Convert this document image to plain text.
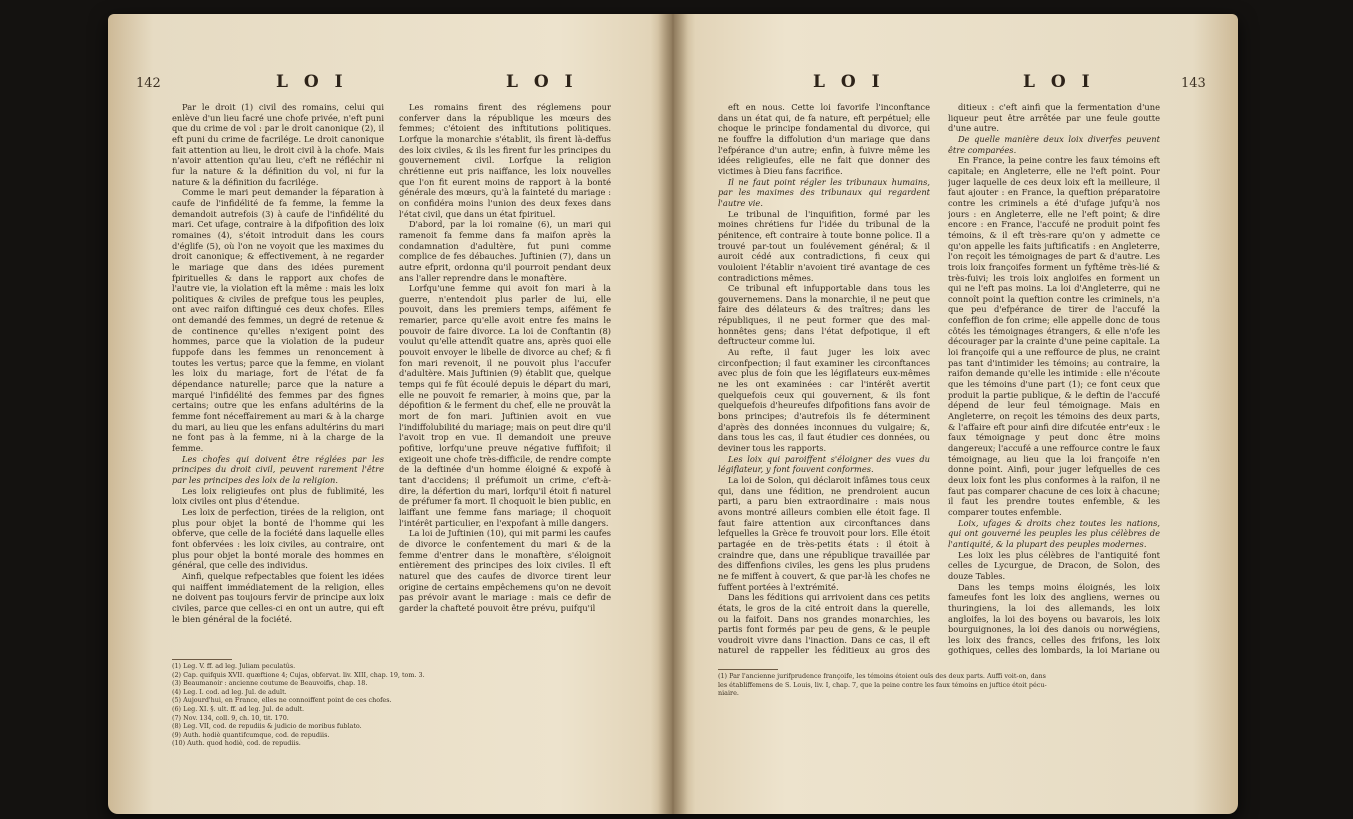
142	L O I	L O I

Par le droit (1) civil des romains, celui qui enlève d'un lieu facré une chofe privée, n'eft puni que du crime de vol : par le droit canonique (2), il eft puni du crime de facrilége. Le droit canonique fait attention au lieu, le droit civil à la chofe. Mais n'avoir attention qu'au lieu, c'eft ne réfléchir ni fur la nature & la définition du vol, ni fur la nature & la définition du facrilége.

Comme le mari peut demander la féparation à caufe de l'infidélité de fa femme, la femme la demandoit autrefois (3) à caufe de l'infidélité du mari. Cet ufage, contraire à la difpofition des loix romaines (4), s'étoit introduit dans les cours d'églife (5), où l'on ne voyoit que les maximes du droit canonique; & effectivement, à ne regarder le mariage que dans des idées purement fpirituelles & dans le rapport aux chofes de l'autre vie, la violation eft la même : mais les loix politiques & civiles de prefque tous les peuples, ont avec raifon diftingué ces deux chofes. Elles ont demandé des femmes, un degré de retenue & de continence qu'elles n'exigent point des hommes, parce que la violation de la pudeur fuppofe dans les femmes un renoncement à toutes les vertus; parce que la femme, en violant les loix du mariage, fort de l'état de fa dépendance naturelle; parce que la nature a marqué l'infidélité des femmes par des fignes certains; outre que les enfans adultérins de la femme font néceffairement au mari & à la charge du mari, au lieu que les enfans adultérins du mari ne font pas à la femme, ni à la charge de la femme.

Les chofes qui doivent être réglées par les principes du droit civil, peuvent rarement l'être par les principes des loix de la religion.

Les loix religieufes ont plus de fublimité, les loix civiles ont plus d'étendue.

Les loix de perfection, tirées de la religion, ont plus pour objet la bonté de l'homme qui les obferve, que celle de la fociété dans laquelle elles font obfervées : les loix civiles, au contraire, ont plus pour objet la bonté morale des hommes en général, que celle des individus.

Ainfi, quelque refpectables que foient les idées qui naiffent immédiatement de la religion, elles ne doivent pas toujours fervir de principe aux loix civiles, parce que celles-ci en ont un autre, qui eft le bien général de la fociété.

Les romains firent des réglemens pour conferver dans la république les mœurs des femmes; c'étoient des inftitutions politiques. Lorfque la monarchie s'établit, ils firent là-deffus des loix civiles, & ils les firent fur les principes du gouvernement civil. Lorfque la religion chrétienne eut pris naiffance, les loix nouvelles que l'on fit eurent moins de rapport à la bonté générale des mœurs, qu'à la fainteté du mariage : on confidéra moins l'union des deux fexes dans l'état civil, que dans un état fpirituel.

D'abord, par la loi romaine (6), un mari qui ramenoit fa femme dans fa maifon après la condamnation d'adultère, fut puni comme complice de fes débauches. Juftinien (7), dans un autre efprit, ordonna qu'il pourroit pendant deux ans l'aller reprendre dans le monaftère.

Lorfqu'une femme qui avoit fon mari à la guerre, n'entendoit plus parler de lui, elle pouvoit, dans les premiers temps, aifément fe remarier, parce qu'elle avoit entre fes mains le pouvoir de faire divorce. La loi de Conftantin (8) voulut qu'elle attendît quatre ans, après quoi elle pouvoit envoyer le libelle de divorce au chef; & fi fon mari revenoit, il ne pouvoit plus l'accufer d'adultère. Mais Juftinien (9) établit que, quelque temps qui fe fût écoulé depuis le départ du mari, elle ne pouvoit fe remarier, à moins que, par la dépofition & le ferment du chef, elle ne prouvât la mort de fon mari. Juftinien avoit en vue l'indiffolubilité du mariage; mais on peut dire qu'il l'avoit trop en vue. Il demandoit une preuve pofitive, lorfqu'une preuve négative fuffifoit; il exigeoit une chofe très-difficile, de rendre compte de la deftinée d'un homme éloigné & expofé à tant d'accidens; il préfumoit un crime, c'eft-à-dire, la défertion du mari, lorfqu'il étoit fi naturel de préfumer fa mort. Il choquoit le bien public, en laiffant une femme fans mariage; il choquoit l'intérêt particulier, en l'expofant à mille dangers.

La loi de Juftinien (10), qui mit parmi les caufes de divorce le confentement du mari & de la femme d'entrer dans le monaftère, s'éloignoit entièrement des principes des loix civiles. Il eft naturel que des caufes de divorce tirent leur origine de certains empêchemens qu'on ne devoit pas prévoir avant le mariage : mais ce defir de garder la chafteté pouvoit être prévu, puifqu'il

(1) Leg. V. ff. ad leg. Juliam peculatûs.
(2) Cap. quifquis XVII. quæftione 4; Cujas, obfervat. liv. XIII, chap. 19, tom. 3.
(3) Beaumanoir : ancienne coutume de Beauvoifis, chap. 18.
(4) Leg. I. cod. ad leg. Jul. de adult.
(5) Aujourd'hui, en France, elles ne connoiffent point de ces chofes.
(6) Leg. XI. §. ult. ff. ad leg. Jul. de adult.
(7) Nov. 134, coll. 9, ch. 10, tit. 170.
(8) Leg. VII, cod. de repudiis & judicio de moribus fublato.
(9) Auth. hodiè quantifcumque, cod. de repudiis.
(10) Auth. quod hodiè, cod. de repudiis.
L O I	L O I	143

eft en nous. Cette loi favorife l'inconftance dans un état qui, de fa nature, eft perpétuel; elle choque le principe fondamental du divorce, qui ne fouffre la diffolution d'un mariage que dans l'efpérance d'un autre; enfin, à fuivre même les idées religieufes, elle ne fait que donner des victimes à Dieu fans facrifice.

Il ne faut point régler les tribunaux humains, par les maximes des tribunaux qui regardent l'autre vie.

Le tribunal de l'inquifition, formé par les moines chrétiens fur l'idée du tribunal de la pénitence, eft contraire à toute bonne police. Il a trouvé par-tout un foulévement général; & il auroit cédé aux contradictions, fi ceux qui vouloient l'établir n'avoient tiré avantage de ces contradictions mêmes.

Ce tribunal eft infupportable dans tous les gouvernemens. Dans la monarchie, il ne peut que faire des délateurs & des traîtres; dans les républiques, il ne peut former que des mal-honnêtes gens; dans l'état defpotique, il eft deftructeur comme lui.

Au refte, il faut juger les loix avec circonfpection; il faut examiner les circonftances avec plus de foin que les légiflateurs eux-mêmes ne les ont examinées : car l'intérêt avertit quelquefois ceux qui gouvernent, & ils font quelquefois d'heureufes difpofitions fans avoir de bons principes; d'autrefois ils fe déterminent d'après des données inconnues du vulgaire; &, dans tous les cas, il faut étudier ces données, ou deviner tous les rapports.

Les loix qui paroiffent s'éloigner des vues du légiflateur, y font fouvent conformes.

La loi de Solon, qui déclaroit infâmes tous ceux qui, dans une fédition, ne prendroient aucun parti, a paru bien extraordinaire : mais nous avons montré ailleurs combien elle étoit fage. Il faut faire attention aux circonftances dans lefquelles la Grèce fe trouvoit pour lors. Elle étoit partagée en de très-petits états : il étoit à craindre que, dans une république travaillée par des diffenfions civiles, les gens les plus prudens ne fe miffent à couvert, & que par-là les chofes ne fuffent portées à l'extrémité.

Dans les féditions qui arrivoient dans ces petits états, le gros de la cité entroit dans la querelle, ou la faifoit. Dans nos grandes monarchies, les partis font formés par peu de gens, & le peuple voudroit vivre dans l'inaction. Dans ce cas, il eft naturel de rappeller les féditieux au gros des

ditieux : c'eft ainfi que la fermentation d'une liqueur peut être arrêtée par une feule goutte d'une autre.

De quelle manière deux loix diverfes peuvent être comparées.

En France, la peine contre les faux témoins eft capitale; en Angleterre, elle ne l'eft point. Pour juger laquelle de ces deux loix eft la meilleure, il faut ajouter : en France, la queftion préparatoire contre les criminels a été d'ufage jufqu'à nos jours : en Angleterre, elle ne l'eft point; & dire encore : en France, l'accufé ne produit point fes témoins, & il eft très-rare qu'on y admette ce qu'on appelle les faits juftificatifs : en Angleterre, l'on reçoit les témoignages de part & d'autre. Les trois loix françoifes forment un fyftême très-lié & très-fuivi; les trois loix angloifes en forment un qui ne l'eft pas moins. La loi d'Angleterre, qui ne connoît point la queftion contre les criminels, n'a que peu d'efpérance de tirer de l'accufé la confeffion de fon crime; elle appelle donc de tous côtés les témoignages étrangers, & elle n'ofe les décourager par la crainte d'une peine capitale. La loi françoife qui a une reffource de plus, ne craint pas tant d'intimider les témoins; au contraire, la raifon demande qu'elle les intimide : elle n'écoute que les témoins d'une part (1); ce font ceux que produit la partie publique, & le deftin de l'accufé dépend de leur feul témoignage. Mais en Angleterre, on reçoit les témoins des deux parts, & l'affaire eft pour ainfi dire difcutée entr'eux : le faux témoignage y peut donc être moins dangereux; l'accufé a une reffource contre le faux témoignage, au lieu que la loi françoife n'en donne point. Ainfi, pour juger lefquelles de ces deux loix font les plus conformes à la raifon, il ne faut pas comparer chacune de ces loix à chacune; il faut les prendre toutes enfemble, & les comparer toutes enfemble.

Loix, ufages & droits chez toutes les nations, qui ont gouverné les peuples les plus célèbres de l'antiquité, & la plupart des peuples modernes.

Les loix les plus célèbres de l'antiquité font celles de Lycurgue, de Dracon, de Solon, des douze Tables.

Dans les temps moins éloignés, les loix fameufes font les loix des angliens, wernes ou thuringiens, la loi des allemands, les loix angloifes, la loi des boyens ou bavarois, les loix bourguignones, la loi des danois ou norwégiens, les loix des francs, celles des frifons, les loix gothiques, celles des lombards, la loi Mariane ou

(1) Par l'ancienne jurifprudence françoife, les témoins étoient ouïs des deux parts. Auffi voit-on, dans
les établiffemens de S. Louis, liv. I, chap. 7, que la peine contre les faux témoins en juftice étoit pécu-
niaire.
